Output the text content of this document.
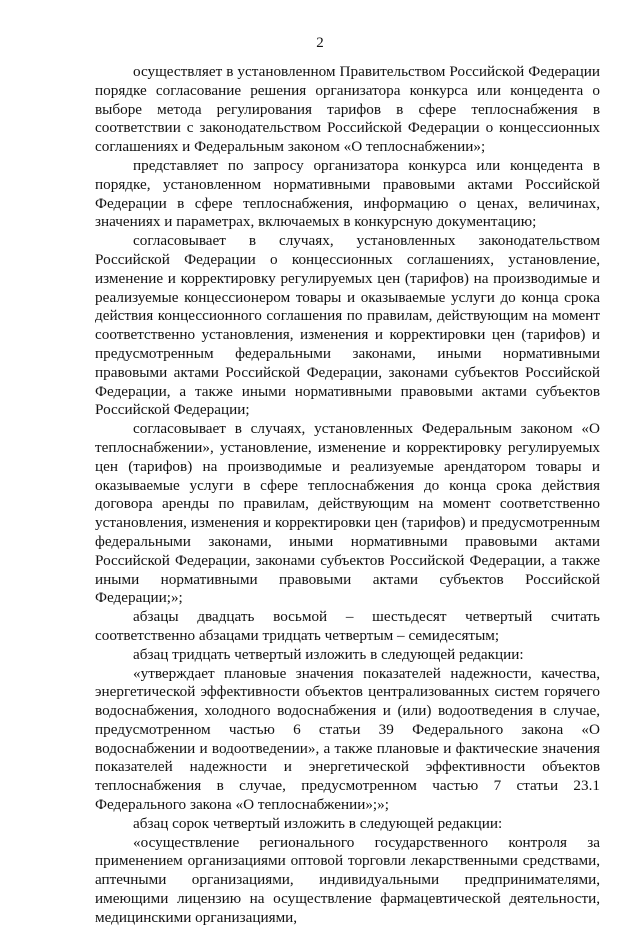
2

осуществляет в установленном Правительством Российской Федерации порядке согласование решения организатора конкурса или концедента о выборе метода регулирования тарифов в сфере теплоснабжения в соответствии с законодательством Российской Федерации о концессионных соглашениях и Федеральным законом «О теплоснабжении»;

представляет по запросу организатора конкурса или концедента в порядке, установленном нормативными правовыми актами Российской Федерации в сфере теплоснабжения, информацию о ценах, величинах, значениях и параметрах, включаемых в конкурсную документацию;

согласовывает в случаях, установленных законодательством Российской Федерации о концессионных соглашениях, установление, изменение и корректировку регулируемых цен (тарифов) на производимые и реализуемые концессионером товары и оказываемые услуги до конца срока действия концессионного соглашения по правилам, действующим на момент соответственно установления, изменения и корректировки цен (тарифов) и предусмотренным федеральными законами, иными нормативными правовыми актами Российской Федерации, законами субъектов Российской Федерации, а также иными нормативными правовыми актами субъектов Российской Федерации;

согласовывает в случаях, установленных Федеральным законом «О теплоснабжении», установление, изменение и корректировку регулируемых цен (тарифов) на производимые и реализуемые арендатором товары и оказываемые услуги в сфере теплоснабжения до конца срока действия договора аренды по правилам, действующим на момент соответственно установления, изменения и корректировки цен (тарифов) и предусмотренным федеральными законами, иными нормативными правовыми актами Российской Федерации, законами субъектов Российской Федерации, а также иными нормативными правовыми актами субъектов Российской Федерации;»;

абзацы двадцать восьмой – шестьдесят четвертый считать соответственно абзацами тридцать четвертым – семидесятым;

абзац тридцать четвертый изложить в следующей редакции:

«утверждает плановые значения показателей надежности, качества, энергетической эффективности объектов централизованных систем горячего водоснабжения, холодного водоснабжения и (или) водоотведения в случае, предусмотренном частью 6 статьи 39 Федерального закона «О водоснабжении и водоотведении», а также плановые и фактические значения показателей надежности и энергетической эффективности объектов теплоснабжения в случае, предусмотренном частью 7 статьи 23.1 Федерального закона «О теплоснабжении»;»;

абзац сорок четвертый изложить в следующей редакции:

«осуществление регионального государственного контроля за применением организациями оптовой торговли лекарственными средствами, аптечными организациями, индивидуальными предпринимателями, имеющими лицензию на осуществление фармацевтической деятельности, медицинскими организациями,
